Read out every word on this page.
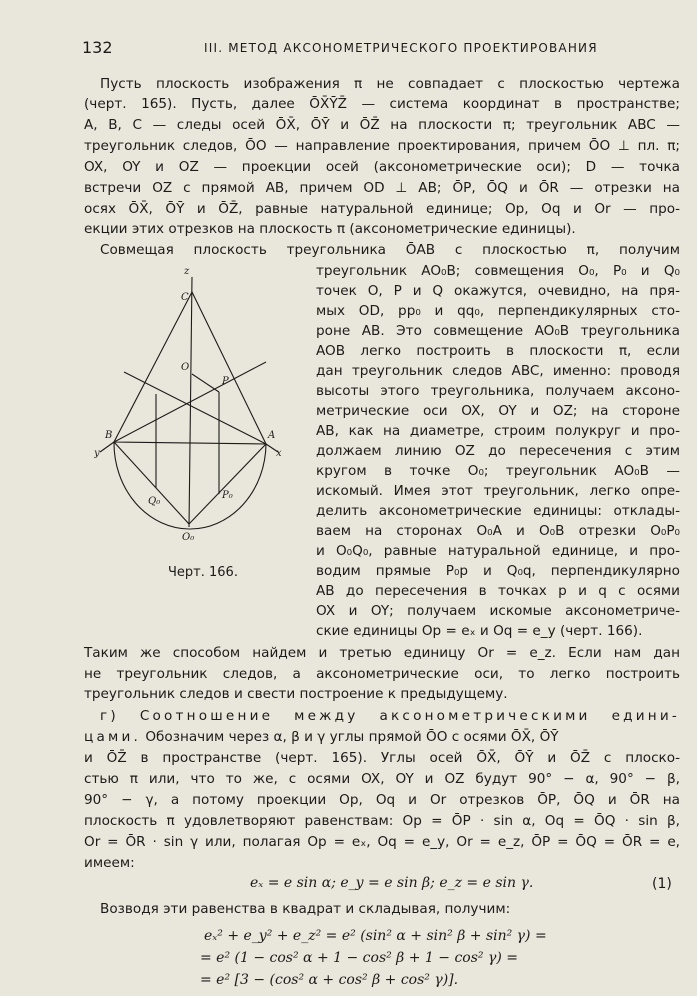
132	III. МЕТОД АКСОНОМЕТРИЧЕСКОГО ПРОЕКТИРОВАНИЯ
Пусть плоскость изображения π не совпадает с плоскостью чертежа
(черт. 165). Пусть, далее ŌX̄ȲZ̄ — система координат в пространстве;
A, B, C — следы осей ŌX̄, ŌȲ и ŌZ̄ на плоскости π; треугольник ABC —
треугольник следов, ŌO — направление проектирования, причем ŌO ⊥ пл. π;
OX, OY и OZ — проекции осей (аксонометрические оси); D — точка
встречи OZ с прямой AB, причем OD ⊥ AB; ŌP, ŌQ и ŌR — отрезки на
осях ŌX̄, ŌȲ и ŌZ̄, равные натуральной единице; Op, Oq и Or — про-
екции этих отрезков на плоскость π (аксонометрические единицы).
Совмещая плоскость треугольника ŌAB с плоскостью π, получим
треугольник AO₀B; совмещения O₀, P₀ и Q₀
точек O, P и Q окажутся, очевидно, на пря-
мых OD, pp₀ и qq₀, перпендикулярных сто-
роне AB. Это совмещение AO₀B треугольника
AOB легко построить в плоскости π, если
дан треугольник следов ABC, именно: проводя
высоты этого треугольника, получаем аксоно-
метрические оси OX, OY и OZ; на стороне
AB, как на диаметре, строим полукруг и про-
должаем линию OZ до пересечения с этим
кругом в точке O₀; треугольник AO₀B —
искомый. Имея этот треугольник, легко опре-
делить аксонометрические единицы: отклады-
ваем на сторонах O₀A и O₀B отрезки O₀P₀
и O₀Q₀, равные натуральной единице, и про-
водим прямые P₀p и Q₀q, перпендикулярно
AB до пересечения в точках p и q с осями
OX и OY; получаем искомые аксонометриче-
ские единицы Op = eₓ и Oq = e_y (черт. 166).
Таким же способом найдем и третью единицу Or = e_z. Если нам дан
не треугольник следов, а аксонометрические оси, то легко построить
треугольник следов и свести построение к предыдущему.
г) Соотношение между аксонометрическими едини-
цами. Обозначим через α, β и γ углы прямой ŌO с осями ŌX̄, ŌȲ
и ŌZ̄ в пространстве (черт. 165). Углы осей ŌX̄, ŌȲ и ŌZ̄ с плоско-
стью π или, что то же, с осями OX, OY и OZ будут 90° − α, 90° − β,
90° − γ, а потому проекции Op, Oq и Or отрезков ŌP, ŌQ и ŌR на
плоскость π удовлетворяют равенствам: Op = ŌP · sin α, Oq = ŌQ · sin β,
Or = ŌR · sin γ или, полагая Op = eₓ, Oq = e_y, Or = e_z, ŌP = ŌQ = ŌR = e,
имеем:
eₓ = e sin α; e_y = e sin β; e_z = e sin γ.	(1)
Возводя эти равенства в квадрат и складывая, получим:
eₓ² + e_y² + e_z² = e² (sin² α + sin² β + sin² γ) =
= e² (1 − cos² α + 1 − cos² β + 1 − cos² γ) =
= e² [3 − (cos² α + cos² β + cos² γ)].
z
C
O
P
B	A
y	x
Q₀
P₀
O₀
Черт. 166.
